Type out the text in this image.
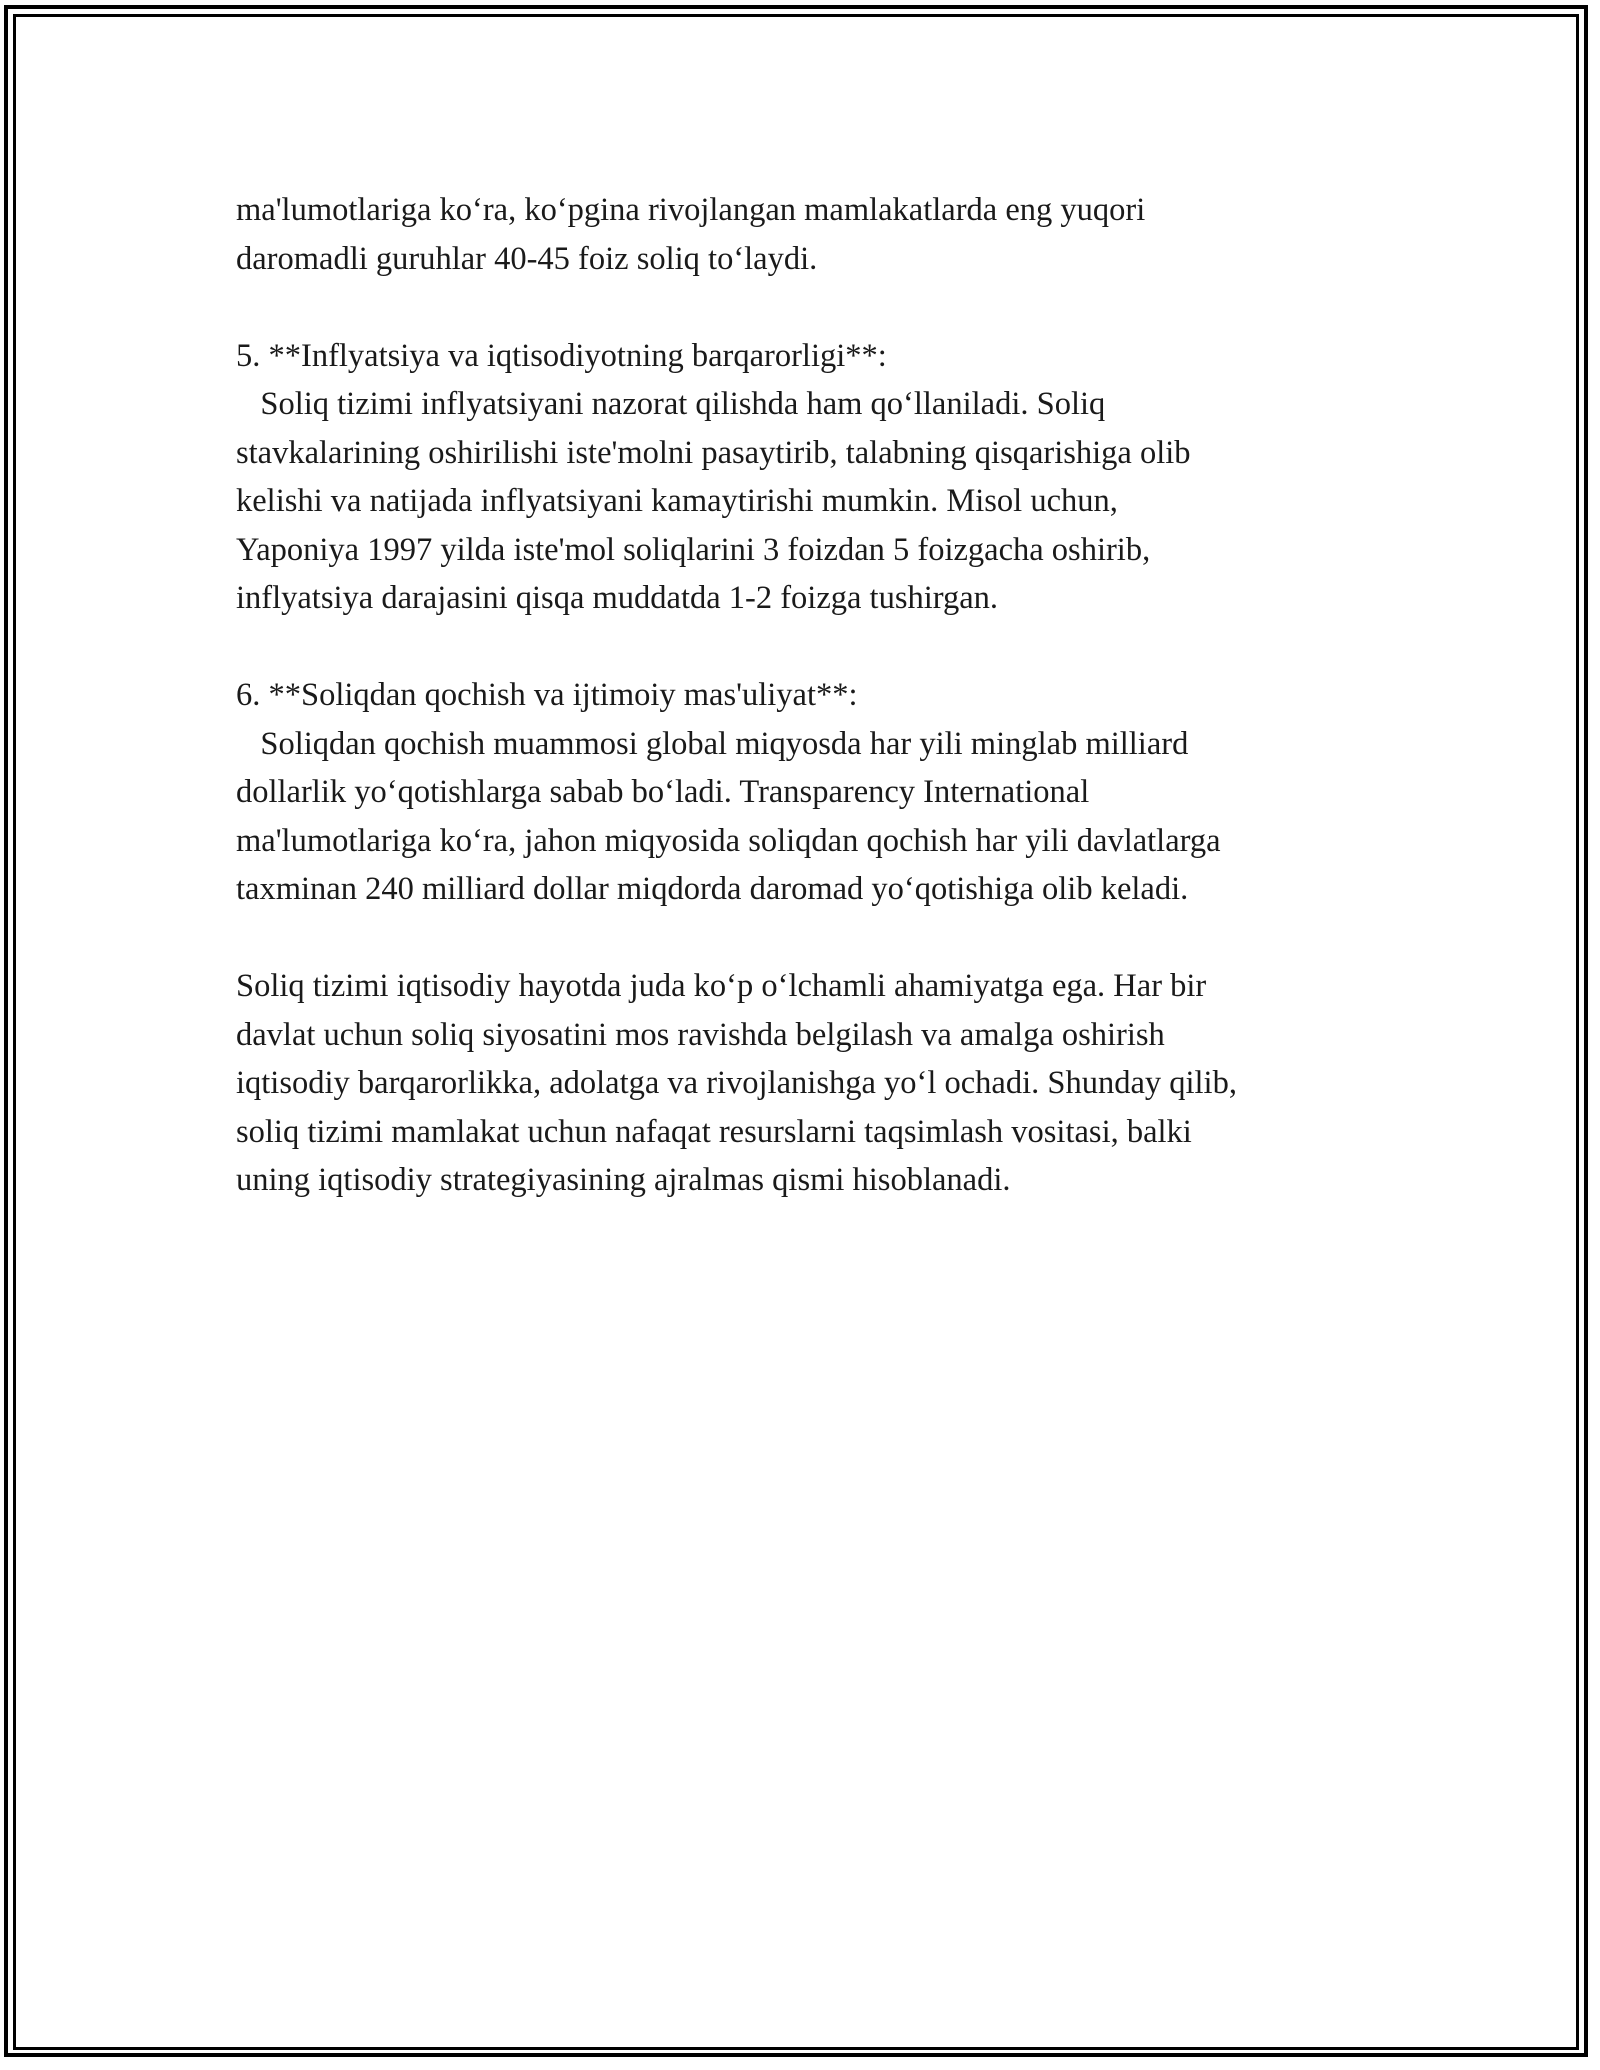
ma'lumotlariga ko‘ra, ko‘pgina rivojlangan mamlakatlarda eng yuqori
daromadli guruhlar 40-45 foiz soliq to‘laydi.
5. **Inflyatsiya va iqtisodiyotning barqarorligi**:
Soliq tizimi inflyatsiyani nazorat qilishda ham qo‘llaniladi. Soliq
stavkalarining oshirilishi iste'molni pasaytirib, talabning qisqarishiga olib
kelishi va natijada inflyatsiyani kamaytirishi mumkin. Misol uchun,
Yaponiya 1997 yilda iste'mol soliqlarini 3 foizdan 5 foizgacha oshirib,
inflyatsiya darajasini qisqa muddatda 1-2 foizga tushirgan.
6. **Soliqdan qochish va ijtimoiy mas'uliyat**:
Soliqdan qochish muammosi global miqyosda har yili minglab milliard
dollarlik yo‘qotishlarga sabab bo‘ladi. Transparency International
ma'lumotlariga ko‘ra, jahon miqyosida soliqdan qochish har yili davlatlarga
taxminan 240 milliard dollar miqdorda daromad yo‘qotishiga olib keladi.
Soliq tizimi iqtisodiy hayotda juda ko‘p o‘lchamli ahamiyatga ega. Har bir
davlat uchun soliq siyosatini mos ravishda belgilash va amalga oshirish
iqtisodiy barqarorlikka, adolatga va rivojlanishga yo‘l ochadi. Shunday qilib,
soliq tizimi mamlakat uchun nafaqat resurslarni taqsimlash vositasi, balki
uning iqtisodiy strategiyasining ajralmas qismi hisoblanadi.
